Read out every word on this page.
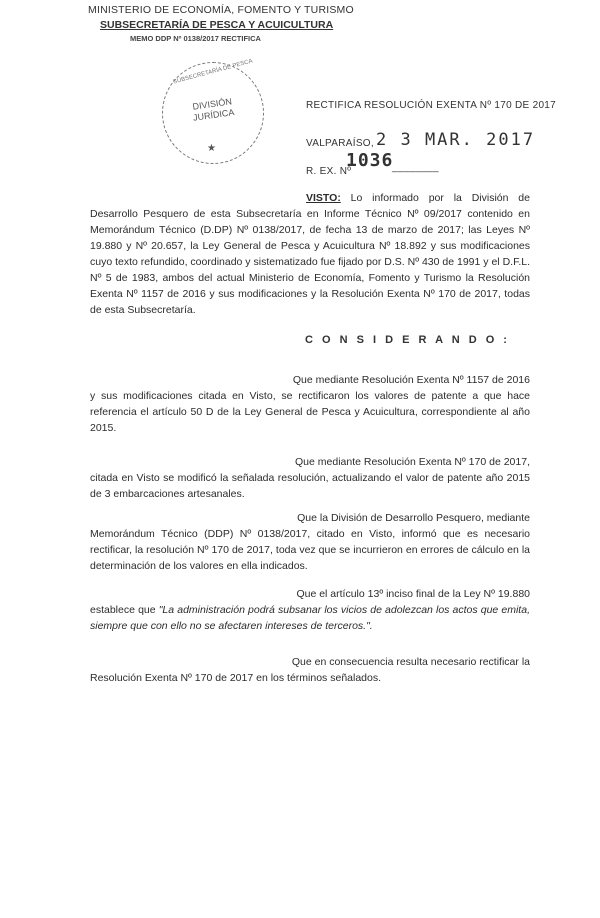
MINISTERIO DE ECONOMÍA, FOMENTO Y TURISMO
SUBSECRETARÍA DE PESCA Y ACUICULTURA
MEMO DDP Nº 0138/2017 RECTIFICA
SUBSECRETARÍA DE PESCA
DIVISIÓN JURÍDICA
★
RECTIFICA RESOLUCIÓN EXENTA Nº 170 DE 2017
VALPARAÍSO, 2 3 MAR. 2017
R. EX. Nº
1036
________
VISTO: Lo informado por la División de Desarrollo Pesquero de esta Subsecretaría en Informe Técnico Nº 09/2017 contenido en Memorándum Técnico (D.DP) Nº 0138/2017, de fecha 13 de marzo de 2017; las Leyes Nº 19.880 y Nº 20.657, la Ley General de Pesca y Acuicultura Nº 18.892 y sus modificaciones cuyo texto refundido, coordinado y sistematizado fue fijado por D.S. Nº 430 de 1991 y el D.F.L. Nº 5 de 1983, ambos del actual Ministerio de Economía, Fomento y Turismo la Resolución Exenta Nº 1157 de 2016 y sus modificaciones y la Resolución Exenta Nº 170 de 2017, todas de esta Subsecretaría.
C O N S I D E R A N D O :
Que mediante Resolución Exenta Nº 1157 de 2016
y sus modificaciones citada en Visto, se rectificaron los valores de patente a que hace referencia el artículo 50 D de la Ley General de Pesca y Acuicultura, correspondiente al año 2015.
Que mediante Resolución Exenta Nº 170 de 2017,
citada en Visto se modificó la señalada resolución, actualizando el valor de patente año 2015 de 3 embarcaciones artesanales.
Que la División de Desarrollo Pesquero, mediante
Memorándum Técnico (DDP) Nº 0138/2017, citado en Visto, informó que es necesario rectificar, la resolución Nº 170 de 2017, toda vez que se incurrieron en errores de cálculo en la determinación de los valores en ella indicados.
Que el artículo 13º inciso final de la Ley Nº 19.880
establece que "La administración podrá subsanar los vicios de adolezcan los actos que emita, siempre que con ello no se afectaren intereses de terceros.".
Que en consecuencia resulta necesario rectificar la
Resolución Exenta Nº 170 de 2017 en los términos señalados.
